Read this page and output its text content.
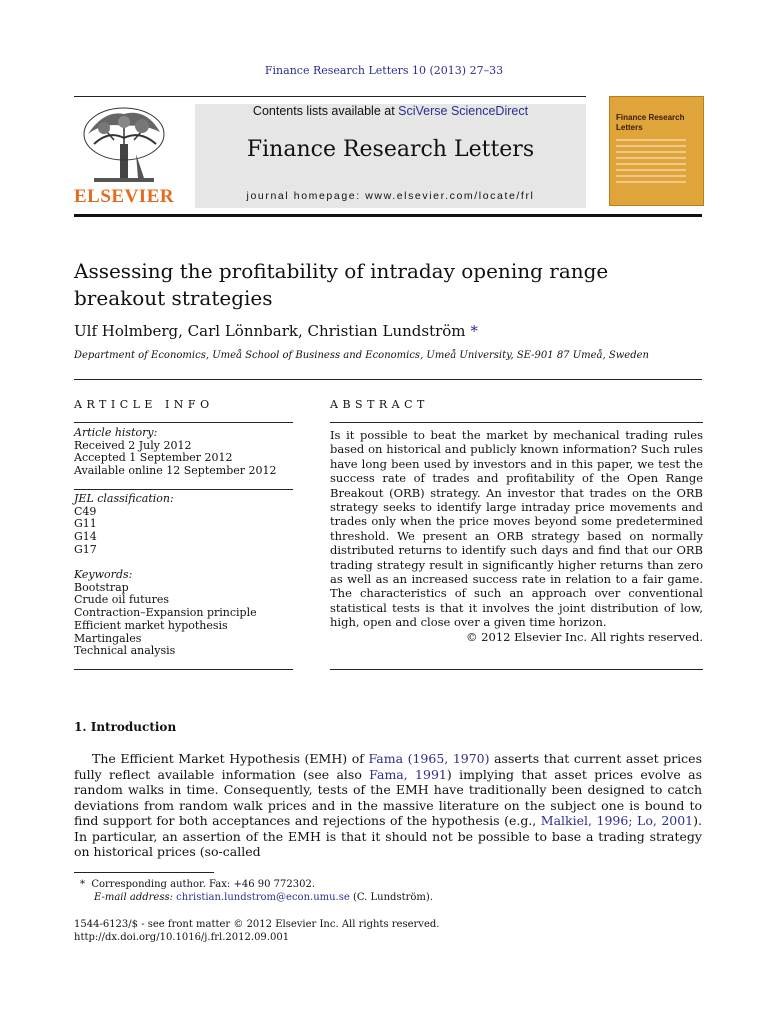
Finance Research Letters 10 (2013) 27–33
ELSEVIER
Contents lists available at SciVerse ScienceDirect
Finance Research Letters
journal homepage: www.elsevier.com/locate/frl
Finance Research Letters
Assessing the profitability of intraday opening range breakout strategies
Ulf Holmberg, Carl Lönnbark, Christian Lundström *
Department of Economics, Umeå School of Business and Economics, Umeå University, SE-901 87 Umeå, Sweden
ARTICLE INFO	ABSTRACT
Article history:
Received 2 July 2012
Accepted 1 September 2012
Available online 12 September 2012
JEL classification:
C49
G11
G14
G17
Keywords:
Bootstrap
Crude oil futures
Contraction–Expansion principle
Efficient market hypothesis
Martingales
Technical analysis
Is it possible to beat the market by mechanical trading rules based on historical and publicly known information? Such rules have long been used by investors and in this paper, we test the success rate of trades and profitability of the Open Range Breakout (ORB) strategy. An investor that trades on the ORB strategy seeks to identify large intraday price movements and trades only when the price moves beyond some predetermined threshold. We present an ORB strategy based on normally distributed returns to identify such days and find that our ORB trading strategy result in significantly higher returns than zero as well as an increased success rate in relation to a fair game. The characteristics of such an approach over conventional statistical tests is that it involves the joint distribution of low, high, open and close over a given time horizon.
© 2012 Elsevier Inc. All rights reserved.
1. Introduction
The Efficient Market Hypothesis (EMH) of Fama (1965, 1970) asserts that current asset prices fully reflect available information (see also Fama, 1991) implying that asset prices evolve as random walks in time. Consequently, tests of the EMH have traditionally been designed to catch deviations from random walk prices and in the massive literature on the subject one is bound to find support for both acceptances and rejections of the hypothesis (e.g., Malkiel, 1996; Lo, 2001). In particular, an assertion of the EMH is that it should not be possible to base a trading strategy on historical prices (so-called
* Corresponding author. Fax: +46 90 772302.
E-mail address: christian.lundstrom@econ.umu.se (C. Lundström).
1544-6123/$ - see front matter © 2012 Elsevier Inc. All rights reserved.
http://dx.doi.org/10.1016/j.frl.2012.09.001
